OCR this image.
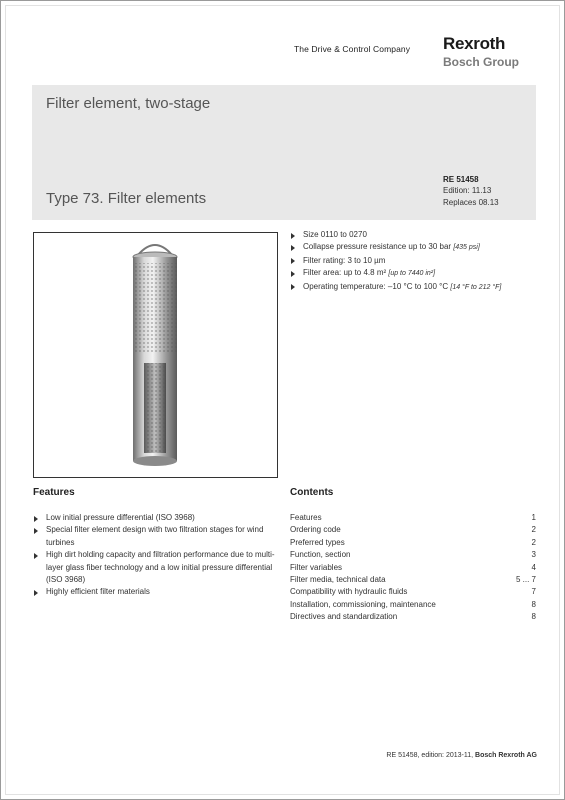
The Drive & Control Company Rexroth
Bosch Group
Filter element, two-stage
Type 73. Filter elements
RE 51458
Edition: 11.13
Replaces 08.13
Size 0110 to 0270
Collapse pressure resistance up to 30 bar [435 psi]
Filter rating: 3 to 10 µm
Filter area: up to 4.8 m² [up to 7440 in²]
Operating temperature: –10 °C to 100 °C [14 °F to 212 °F]
Features
Low initial pressure differential (ISO 3968)
Special filter element design with two filtration stages for wind turbines
High dirt holding capacity and filtration performance due to multi-layer glass fiber technology and a low initial pressure differential (ISO 3968)
Highly efficient filter materials
Contents
Features	1
Ordering code	2
Preferred types	2
Function, section	3
Filter variables	4
Filter media, technical data	5 ... 7
Compatibility with hydraulic fluids	7
Installation, commissioning, maintenance	8
Directives and standardization	8
RE 51458, edition: 2013-11, Bosch Rexroth AG
